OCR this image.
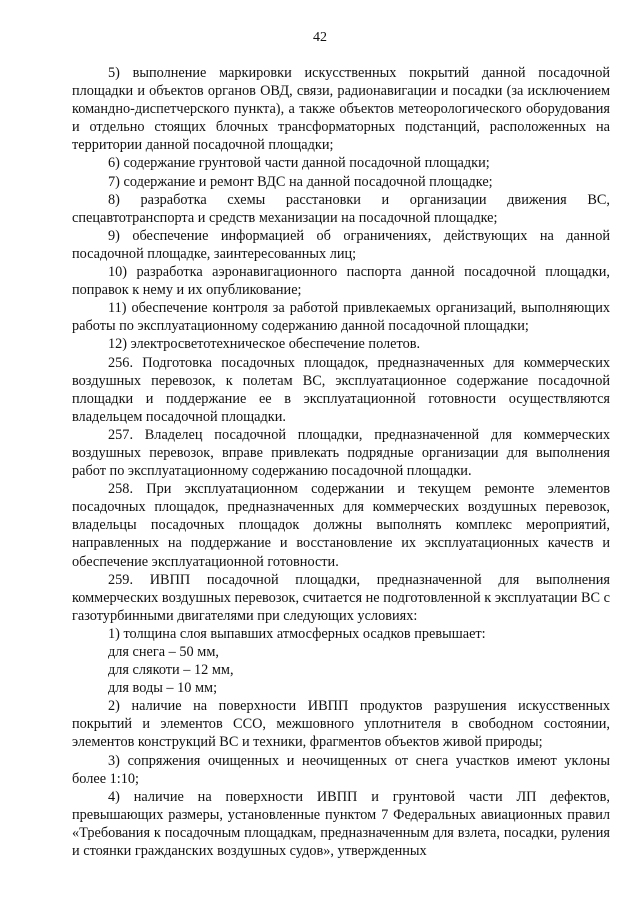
42

5) выполнение маркировки искусственных покрытий данной посадочной площадки и объектов органов ОВД, связи, радионавигации и посадки (за исключением командно-диспетчерского пункта), а также объектов метеорологического оборудования и отдельно стоящих блочных трансформаторных подстанций, расположенных на территории данной посадочной площадки;

6) содержание грунтовой части данной посадочной площадки;

7) содержание и ремонт ВДС на данной посадочной площадке;

8) разработка схемы расстановки и организации движения ВС, спецавтотранспорта и средств механизации на посадочной площадке;

9) обеспечение информацией об ограничениях, действующих на данной посадочной площадке, заинтересованных лиц;

10) разработка аэронавигационного паспорта данной посадочной площадки, поправок к нему и их опубликование;

11) обеспечение контроля за работой привлекаемых организаций, выполняющих работы по эксплуатационному содержанию данной посадочной площадки;

12) электросветотехническое обеспечение полетов.

256. Подготовка посадочных площадок, предназначенных для коммерческих воздушных перевозок, к полетам ВС, эксплуатационное содержание посадочной площадки и поддержание ее в эксплуатационной готовности осуществляются владельцем посадочной площадки.

257. Владелец посадочной площадки, предназначенной для коммерческих воздушных перевозок, вправе привлекать подрядные организации для выполнения работ по эксплуатационному содержанию посадочной площадки.

258. При эксплуатационном содержании и текущем ремонте элементов посадочных площадок, предназначенных для коммерческих воздушных перевозок, владельцы посадочных площадок должны выполнять комплекс мероприятий, направленных на поддержание и восстановление их эксплуатационных качеств и обеспечение эксплуатационной готовности.

259. ИВПП посадочной площадки, предназначенной для выполнения коммерческих воздушных перевозок, считается не подготовленной к эксплуатации ВС с газотурбинными двигателями при следующих условиях:

1) толщина слоя выпавших атмосферных осадков превышает:

для снега – 50 мм,

для слякоти – 12 мм,

для воды – 10 мм;

2) наличие на поверхности ИВПП продуктов разрушения искусственных покрытий и элементов ССО, межшовного уплотнителя в свободном состоянии, элементов конструкций ВС и техники, фрагментов объектов живой природы;

3) сопряжения очищенных и неочищенных от снега участков имеют уклоны более 1:10;

4) наличие на поверхности ИВПП и грунтовой части ЛП дефектов, превышающих размеры, установленные пунктом 7 Федеральных авиационных правил «Требования к посадочным площадкам, предназначенным для взлета, посадки, руления и стоянки гражданских воздушных судов», утвержденных
